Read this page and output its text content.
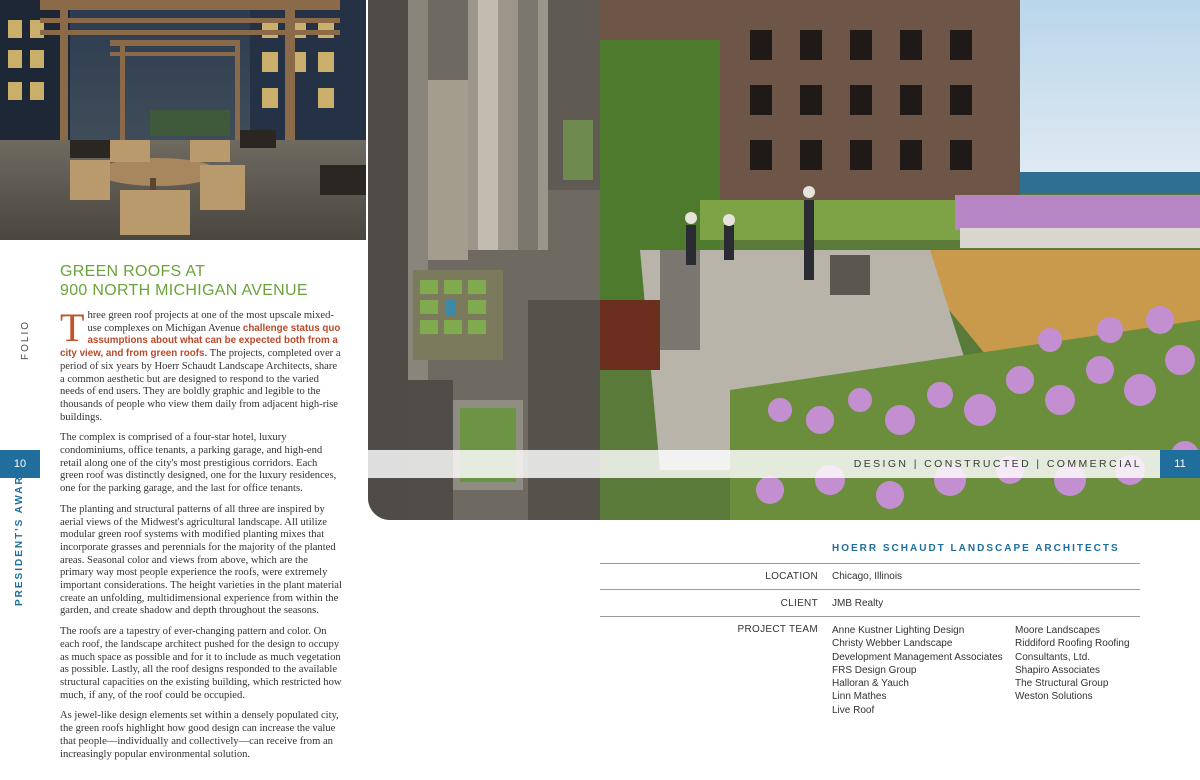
FOLIO
10
PRESIDENT'S AWARD
GREEN ROOFS AT
900 NORTH MICHIGAN AVENUE

Three green roof projects at one of the most upscale mixed-use complexes on Michigan Avenue challenge status quo assumptions about what can be expected both from a city view, and from green roofs. The projects, completed over a period of six years by Hoerr Schaudt Landscape Architects, share a common aesthetic but are designed to respond to the varied needs of end users. They are boldly graphic and legible to the thousands of people who view them daily from adjacent high-rise buildings.

The complex is comprised of a four-star hotel, luxury condominiums, office tenants, a parking garage, and high-end retail along one of the city's most prestigious corridors. Each green roof was distinctly designed, one for the luxury residences, one for the parking garage, and the last for office tenants.

The planting and structural patterns of all three are inspired by aerial views of the Midwest's agricultural landscape. All utilize modular green roof systems with modified planting mixes that incorporate grasses and perennials for the majority of the planted areas. Seasonal color and views from above, which are the primary way most people experience the roofs, were extremely important considerations. The height varieties in the plant material create an unfolding, multidimensional experience from within the garden, and create shadow and depth throughout the seasons.

The roofs are a tapestry of ever-changing pattern and color. On each roof, the landscape architect pushed for the design to occupy as much space as possible and for it to include as much vegetation as possible. Lastly, all the roof designs responded to the available structural capacities on the existing building, which restricted how much, if any, of the roof could be occupied.

As jewel-like design elements set within a densely populated city, the green roofs highlight how good design can increase the value that people—individually and collectively—can receive from an increasingly popular environmental solution.

DESIGN | CONSTRUCTED | COMMERCIAL	11
HOERR SCHAUDT LANDSCAPE ARCHITECTS
LOCATION Chicago, Illinois
CLIENT JMB Realty
PROJECT TEAM Anne Kustner Lighting Design
Christy Webber Landscape
Development Management Associates
FRS Design Group
Halloran & Yauch
Linn Mathes
Live Roof
Moore Landscapes
Riddiford Roofing Roofing
Consultants, Ltd.
Shapiro Associates
The Structural Group
Weston Solutions
